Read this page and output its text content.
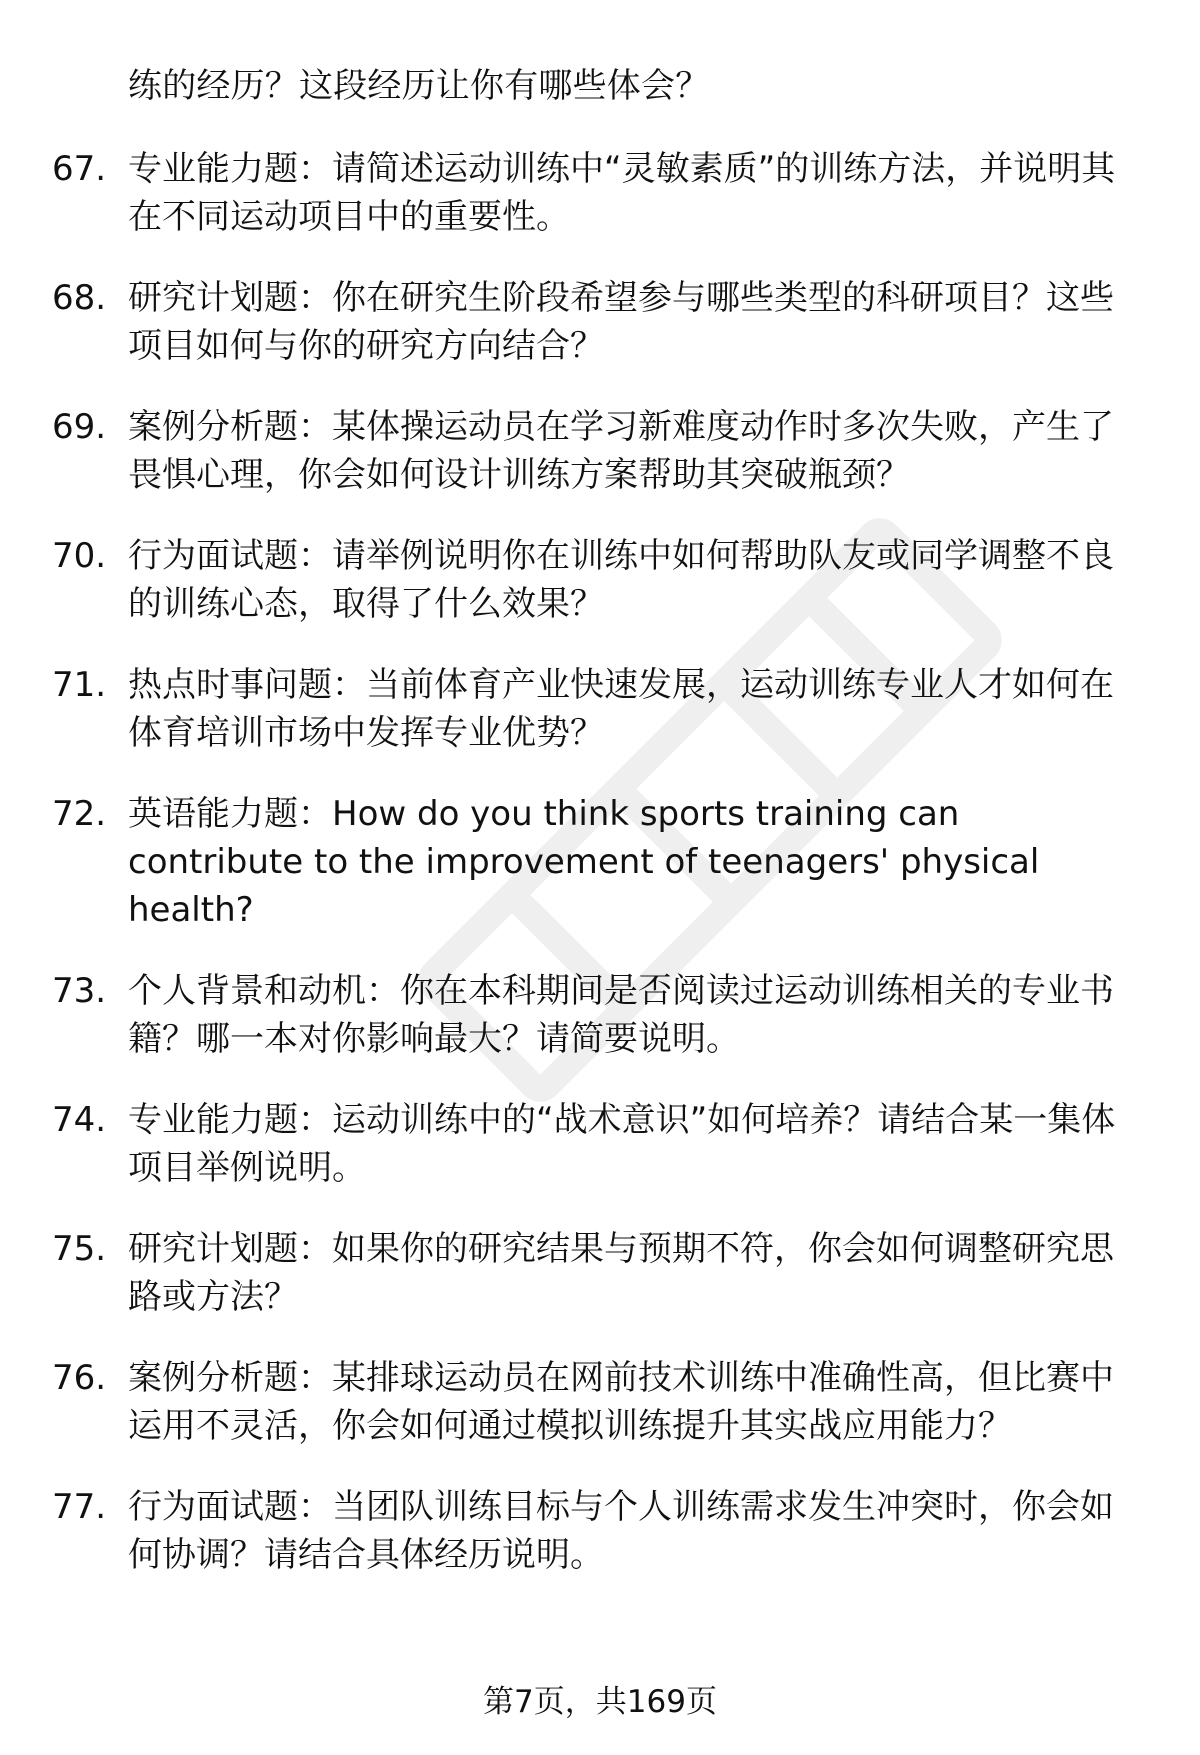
练的经历？这段经历让你有哪些体会？
67. 专业能力题：请简述运动训练中“灵敏素质”的训练方法，并说明其在不同运动项目中的重要性。
68. 研究计划题：你在研究生阶段希望参与哪些类型的科研项目？这些项目如何与你的研究方向结合？
69. 案例分析题：某体操运动员在学习新难度动作时多次失败，产生了畏惧心理，你会如何设计训练方案帮助其突破瓶颈？
70. 行为面试题：请举例说明你在训练中如何帮助队友或同学调整不良的训练心态，取得了什么效果？
71. 热点时事问题：当前体育产业快速发展，运动训练专业人才如何在体育培训市场中发挥专业优势？
72. 英语能力题：How do you think sports training can contribute to the improvement of teenagers' physical health?
73. 个人背景和动机：你在本科期间是否阅读过运动训练相关的专业书籍？哪一本对你影响最大？请简要说明。
74. 专业能力题：运动训练中的“战术意识”如何培养？请结合某一集体项目举例说明。
75. 研究计划题：如果你的研究结果与预期不符，你会如何调整研究思路或方法？
76. 案例分析题：某排球运动员在网前技术训练中准确性高，但比赛中运用不灵活，你会如何通过模拟训练提升其实战应用能力？
77. 行为面试题：当团队训练目标与个人训练需求发生冲突时，你会如何协调？请结合具体经历说明。
第7页，共169页
